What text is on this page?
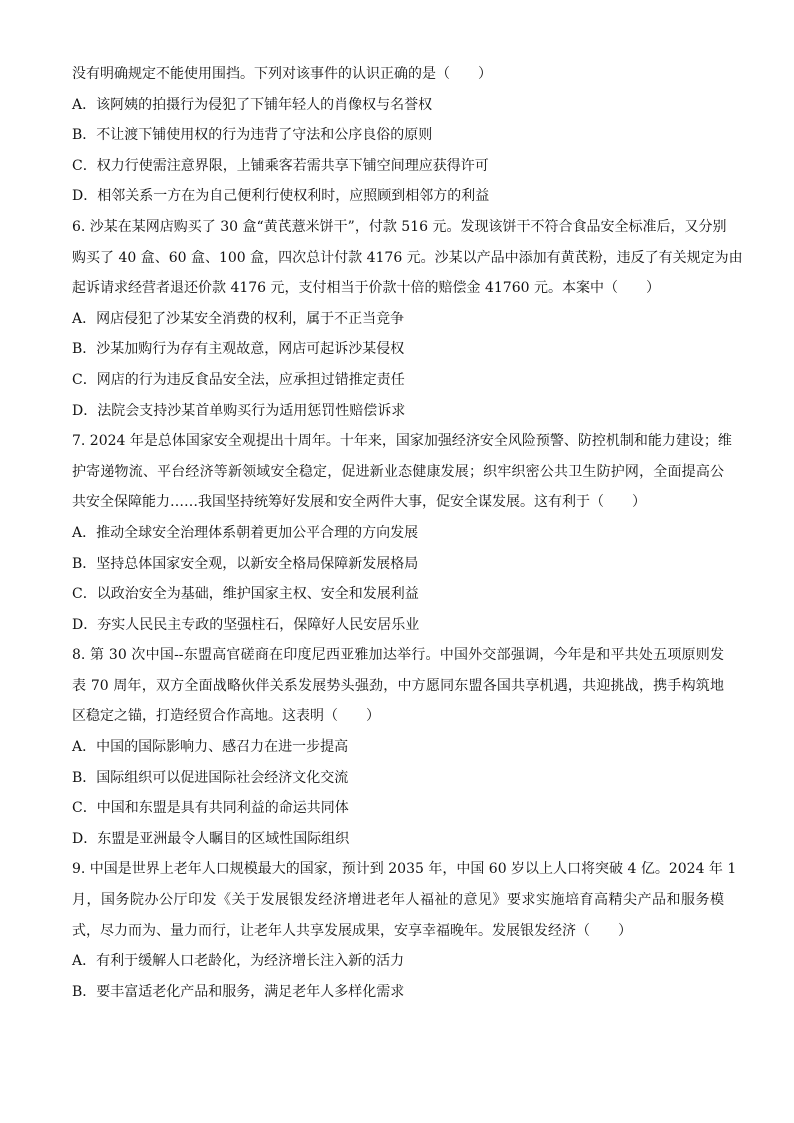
没有明确规定不能使用围挡。下列对该事件的认识正确的是（　　）
A．该阿姨的拍摄行为侵犯了下铺年轻人的肖像权与名誉权
B．不让渡下铺使用权的行为违背了守法和公序良俗的原则
C．权力行使需注意界限，上铺乘客若需共享下铺空间理应获得许可
D．相邻关系一方在为自己便利行使权利时，应照顾到相邻方的利益
6. 沙某在某网店购买了 30 盒“黄芪薏米饼干”，付款 516 元。发现该饼干不符合食品安全标准后，又分别
购买了 40 盒、60 盒、100 盒，四次总计付款 4176 元。沙某以产品中添加有黄芪粉，违反了有关规定为由
起诉请求经营者退还价款 4176 元，支付相当于价款十倍的赔偿金 41760 元。本案中（　　）
A．网店侵犯了沙某安全消费的权利，属于不正当竞争
B．沙某加购行为存有主观故意，网店可起诉沙某侵权
C．网店的行为违反食品安全法，应承担过错推定责任
D．法院会支持沙某首单购买行为适用惩罚性赔偿诉求
7. 2024 年是总体国家安全观提出十周年。十年来，国家加强经济安全风险预警、防控机制和能力建设；维
护寄递物流、平台经济等新领域安全稳定，促进新业态健康发展；织牢织密公共卫生防护网，全面提高公
共安全保障能力……我国坚持统筹好发展和安全两件大事，促安全谋发展。这有利于（　　）
A．推动全球安全治理体系朝着更加公平合理的方向发展
B．坚持总体国家安全观，以新安全格局保障新发展格局
C．以政治安全为基础，维护国家主权、安全和发展利益
D．夯实人民民主专政的坚强柱石，保障好人民安居乐业
8. 第 30 次中国--东盟高官磋商在印度尼西亚雅加达举行。中国外交部强调，今年是和平共处五项原则发
表 70 周年，双方全面战略伙伴关系发展势头强劲，中方愿同东盟各国共享机遇，共迎挑战，携手构筑地
区稳定之锚，打造经贸合作高地。这表明（　　）
A．中国的国际影响力、感召力在进一步提高
B．国际组织可以促进国际社会经济文化交流
C．中国和东盟是具有共同利益的命运共同体
D．东盟是亚洲最令人瞩目的区域性国际组织
9. 中国是世界上老年人口规模最大的国家，预计到 2035 年，中国 60 岁以上人口将突破 4 亿。2024 年 1
月，国务院办公厅印发《关于发展银发经济增进老年人福祉的意见》要求实施培育高精尖产品和服务模
式，尽力而为、量力而行，让老年人共享发展成果，安享幸福晚年。发展银发经济（　　）
A．有利于缓解人口老龄化，为经济增长注入新的活力
B．要丰富适老化产品和服务，满足老年人多样化需求
